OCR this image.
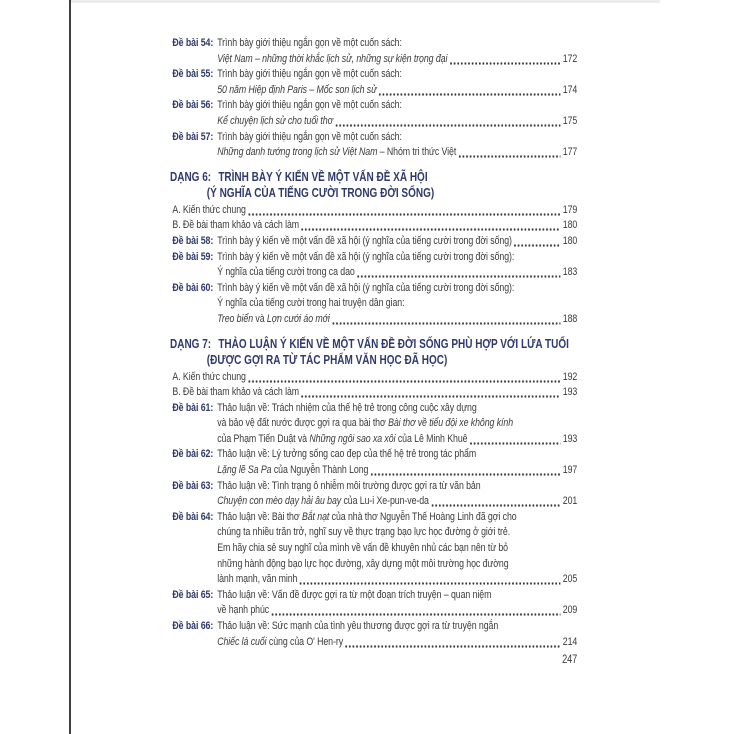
Đề bài 54: Trình bày giới thiệu ngắn gọn về một cuốn sách:
Việt Nam – những thời khắc lịch sử, những sự kiện trọng đại	172
Đề bài 55: Trình bày giới thiệu ngắn gọn về một cuốn sách:
50 năm Hiệp định Paris – Mốc son lịch sử	174
Đề bài 56: Trình bày giới thiệu ngắn gọn về một cuốn sách:
Kể chuyện lịch sử cho tuổi thơ	175
Đề bài 57: Trình bày giới thiệu ngắn gọn về một cuốn sách:
Những danh tướng trong lịch sử Việt Nam – Nhóm tri thức Việt	177
DẠNG 6: TRÌNH BÀY Ý KIẾN VỀ MỘT VẤN ĐỀ XÃ HỘI
(Ý NGHĨA CỦA TIẾNG CƯỜI TRONG ĐỜI SỐNG)
A. Kiến thức chung	179
B. Đề bài tham khảo và cách làm	180
Đề bài 58: Trình bày ý kiến về một vấn đề xã hội (ý nghĩa của tiếng cười trong đời sống)	180
Đề bài 59: Trình bày ý kiến về một vấn đề xã hội (ý nghĩa của tiếng cười trong đời sống):
Ý nghĩa của tiếng cười trong ca dao	183
Đề bài 60: Trình bày ý kiến về một vấn đề xã hội (ý nghĩa của tiếng cười trong đời sống):
Ý nghĩa của tiếng cười trong hai truyện dân gian:
Treo biển và Lợn cưới áo mới	188
DẠNG 7: THẢO LUẬN Ý KIẾN VỀ MỘT VẤN ĐỀ ĐỜI SỐNG PHÙ HỢP VỚI LỨA TUỔI
(ĐƯỢC GỢI RA TỪ TÁC PHẨM VĂN HỌC ĐÃ HỌC)
A. Kiến thức chung	192
B. Đề bài tham khảo và cách làm	193
Đề bài 61: Thảo luận về: Trách nhiệm của thế hệ trẻ trong công cuộc xây dựng
và bảo vệ đất nước được gợi ra qua bài thơ Bài thơ về tiểu đội xe không kính
của Phạm Tiến Duật và Những ngôi sao xa xôi của Lê Minh Khuê	193
Đề bài 62: Thảo luận về: Lý tưởng sống cao đẹp của thế hệ trẻ trong tác phẩm
Lặng lẽ Sa Pa của Nguyễn Thành Long	197
Đề bài 63: Thảo luận về: Tình trạng ô nhiễm môi trường được gợi ra từ văn bản
Chuyện con mèo dạy hải âu bay của Lu-i Xe-pun-ve-da	201
Đề bài 64: Thảo luận về: Bài thơ Bắt nạt của nhà thơ Nguyễn Thế Hoàng Linh đã gợi cho
chúng ta nhiều trăn trở, nghĩ suy về thực trạng bạo lực học đường ở giới trẻ.
Em hãy chia sẻ suy nghĩ của mình về vấn đề khuyên nhủ các bạn nên từ bỏ
những hành động bạo lực học đường, xây dựng một môi trường học đường
lành mạnh, văn minh	205
Đề bài 65: Thảo luận về: Vấn đề được gợi ra từ một đoạn trích truyện – quan niệm
về hạnh phúc	209
Đề bài 66: Thảo luận về: Sức mạnh của tình yêu thương được gợi ra từ truyện ngắn
Chiếc lá cuối cùng của O' Hen-ry	214
247
